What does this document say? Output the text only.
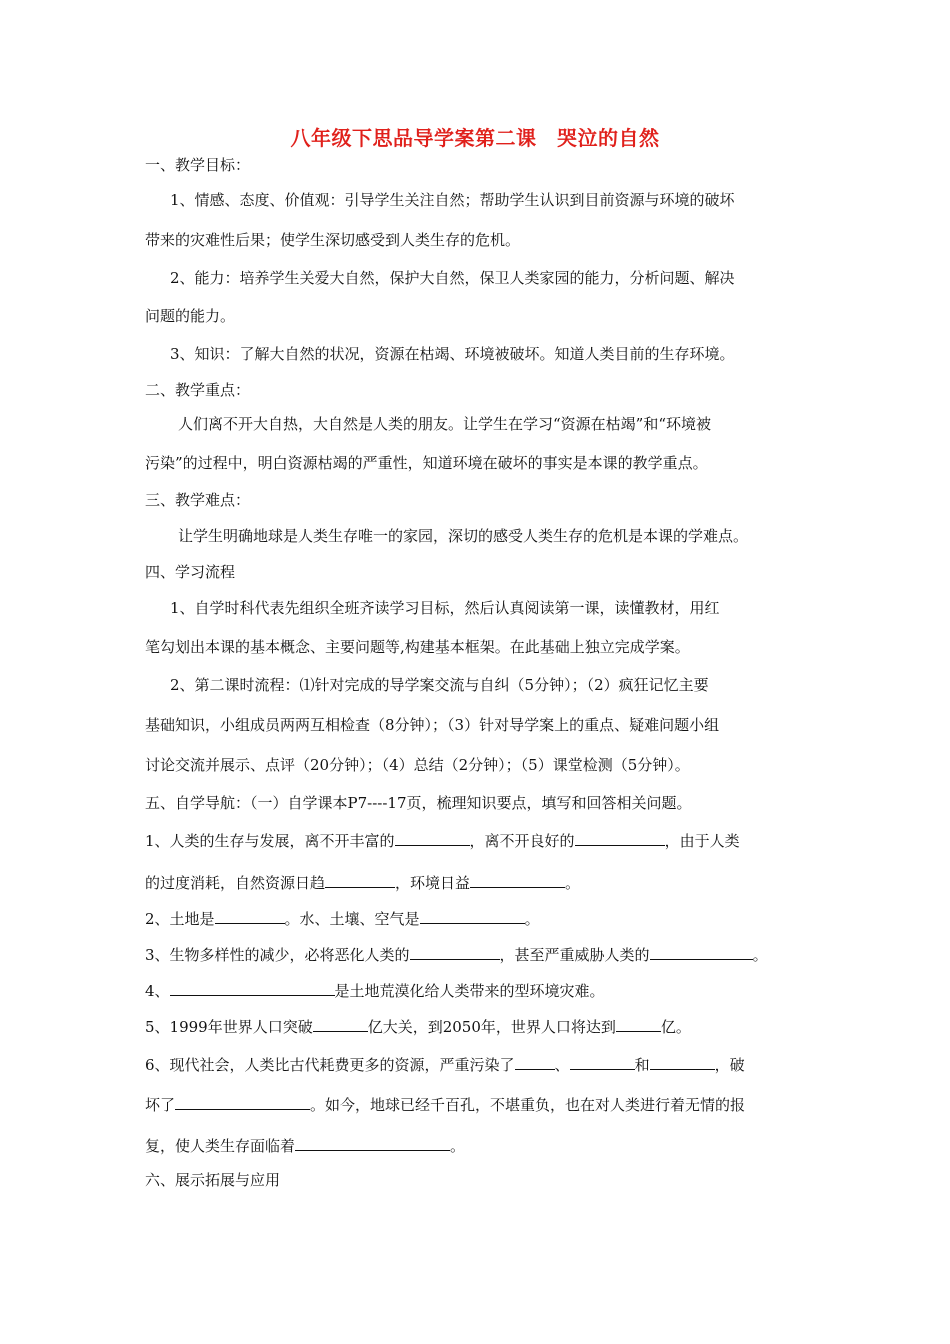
八年级下思品导学案第二课　哭泣的自然
一、教学目标：
1、情感、态度、价值观：引导学生关注自然；帮助学生认识到目前资源与环境的破坏
带来的灾难性后果；使学生深切感受到人类生存的危机。
2、能力：培养学生关爱大自然，保护大自然，保卫人类家园的能力，分析问题、解决
问题的能力。
3、知识：了解大自然的状况，资源在枯竭、环境被破坏。知道人类目前的生存环境。
二、教学重点：
人们离不开大自热，大自然是人类的朋友。让学生在学习“资源在枯竭”和“环境被
污染”的过程中，明白资源枯竭的严重性，知道环境在破坏的事实是本课的教学重点。
三、教学难点：
让学生明确地球是人类生存唯一的家园，深切的感受人类生存的危机是本课的学难点。
四、学习流程
1、自学时科代表先组织全班齐读学习目标，然后认真阅读第一课，读懂教材，用红
笔勾划出本课的基本概念、主要问题等,构建基本框架。在此基础上独立完成学案。
2、第二课时流程：⑴针对完成的导学案交流与自纠（5分钟）；（2）疯狂记忆主要
基础知识，小组成员两两互相检查（8分钟）；（3）针对导学案上的重点、疑难问题小组
讨论交流并展示、点评（20分钟）；（4）总结（2分钟）；（5）课堂检测（5分钟）。
五、自学导航：（一）自学课本P7----17页，梳理知识要点，填写和回答相关问题。
1、人类的生存与发展，离不开丰富的	，离不开良好的	，由于人类
的过度消耗，自然资源日趋	，环境日益	。
2、土地是	。水、土壤、空气是	。
3、生物多样性的减少，必将恶化人类的	，甚至严重威胁人类的	。
4、	是土地荒漠化给人类带来的型环境灾难。
5、1999年世界人口突破	亿大关，到2050年，世界人口将达到	亿。
6、现代社会，人类比古代耗费更多的资源，严重污染了	、	和	，破
坏了	。如今，地球已经千百孔，不堪重负，也在对人类进行着无情的报
复，使人类生存面临着	。
六、展示拓展与应用
